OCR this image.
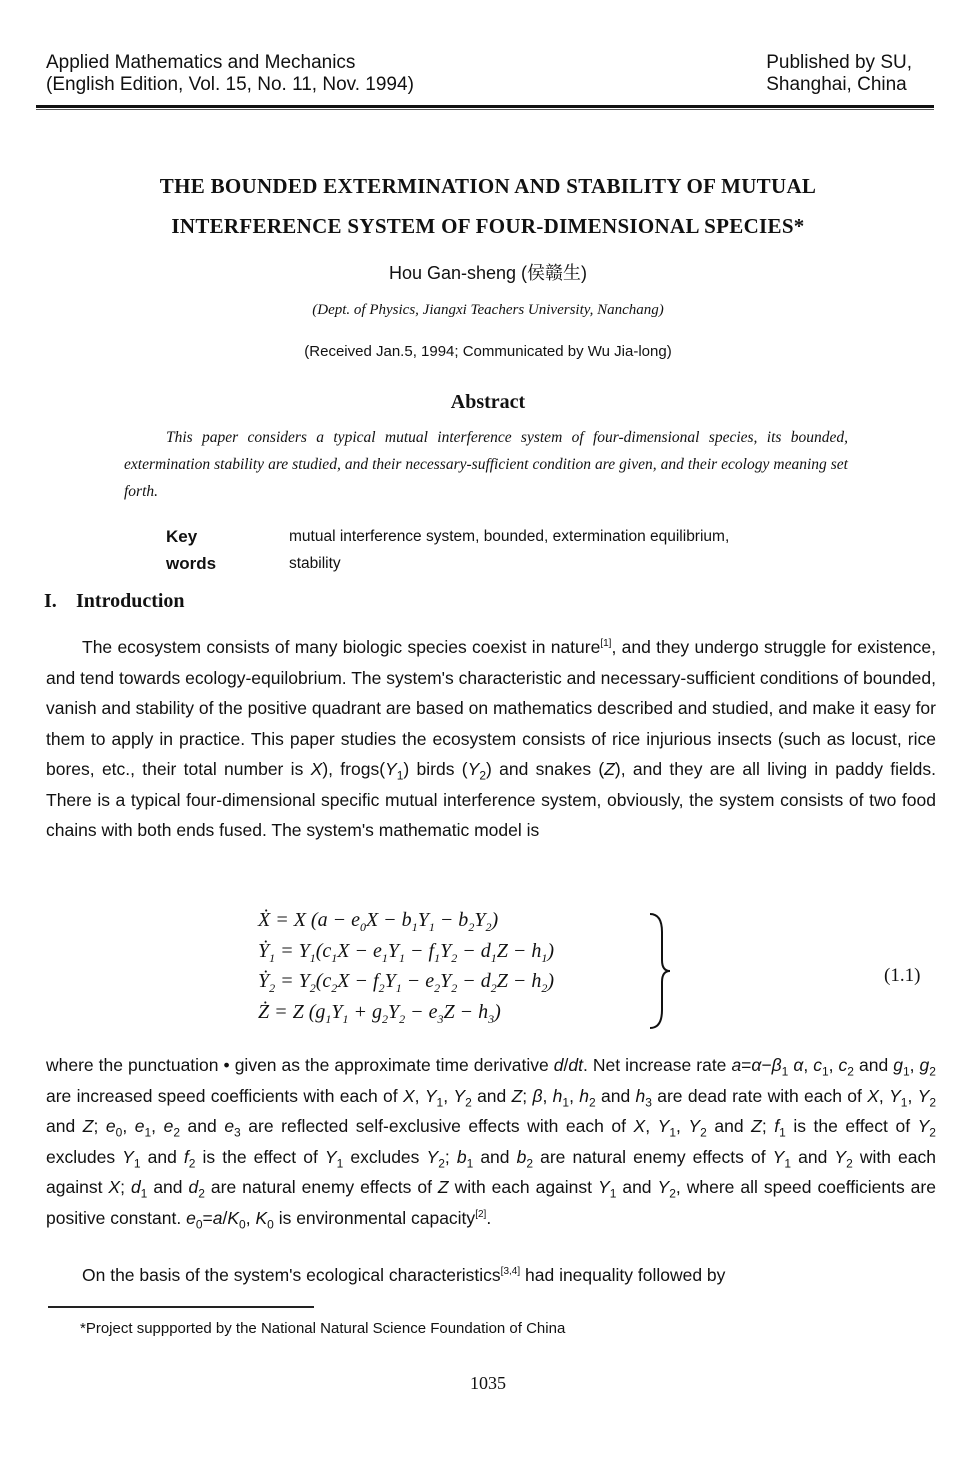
Applied Mathematics and Mechanics
(English Edition, Vol. 15, No. 11, Nov. 1994)
Published by SU,
Shanghai, China
THE BOUNDED EXTERMINATION AND STABILITY OF MUTUAL
INTERFERENCE SYSTEM OF FOUR-DIMENSIONAL SPECIES*
Hou Gan-sheng (侯赣生)
(Dept. of Physics, Jiangxi Teachers University, Nanchang)
(Received Jan.5, 1994; Communicated by Wu Jia-long)
Abstract
This paper considers a typical mutual interference system of four-dimensional species, its bounded, extermination stability are studied, and their necessary-sufficient condition are given, and their ecology meaning set forth.
Key words
mutual interference system, bounded, extermination equilibrium,
stability
I. Introduction
The ecosystem consists of many biologic species coexist in nature[1], and they undergo struggle for existence, and tend towards ecology-equilobrium. The system's characteristic and necessary-sufficient conditions of bounded, vanish and stability of the positive quadrant are based on mathematics described and studied, and make it easy for them to apply in practice. This paper studies the ecosystem consists of rice injurious insects (such as locust, rice bores, etc., their total number is X), $frogs(Y_1)$ birds $(Y_2)$ and snakes (Z), and they are all living in paddy fields. There is a typical four-dimensional specific mutual interference system, obviously, the system consists of two food chains with both ends fused. The system's mathematic model is
Ẋ = X $(a - e_0X - b_1Y_1 - b_2Y_2)$
Ẏ$_1$ = $Y_1(c_1X - e_1Y_1 - f_1Y_2 - d_1Z - h_1)$
Ẏ$_2$ = $Y_2(c_2X - f_2Y_1 - e_2Y_2 - d_2Z - h_2)$
Ż = Z $(g_1Y_1 + g_2Y_2 - e_3Z - h_3)$
(1.1)
where the punctuation • given as the approximate time derivative d/dt. Net increase rate $a=\alpha-\beta_1$ α, $c_1$, $c_2$ and $g_1$, $g_2$ are increased speed coefficients with each of X, $Y_1$, $Y_2$ and Z; β, $h_1$, $h_2$ and $h_3$ are dead rate with each of X, $Y_1$, $Y_2$ and Z; $e_0$, $e_1$, $e_2$ and $e_3$ are reflected self-exclusive effects with each of X, $Y_1$, $Y_2$ and Z; $f_1$ is the effect of $Y_2$ excludes $Y_1$ and $f_2$ is the effect of $Y_1$ excludes $Y_2$; $b_1$ and $b_2$ are natural enemy effects of $Y_1$ and $Y_2$ with each against X; $d_1$ and $d_2$ are natural enemy effects of Z with each against $Y_1$ and $Y_2$, where all speed coefficients are positive constant. $e_0=a/K_0$, $K_0$ is environmental capacity[2].
On the basis of the system's ecological characteristics[3,4] had inequality followed by
*Project suppported by the National Natural Science Foundation of China
1035
